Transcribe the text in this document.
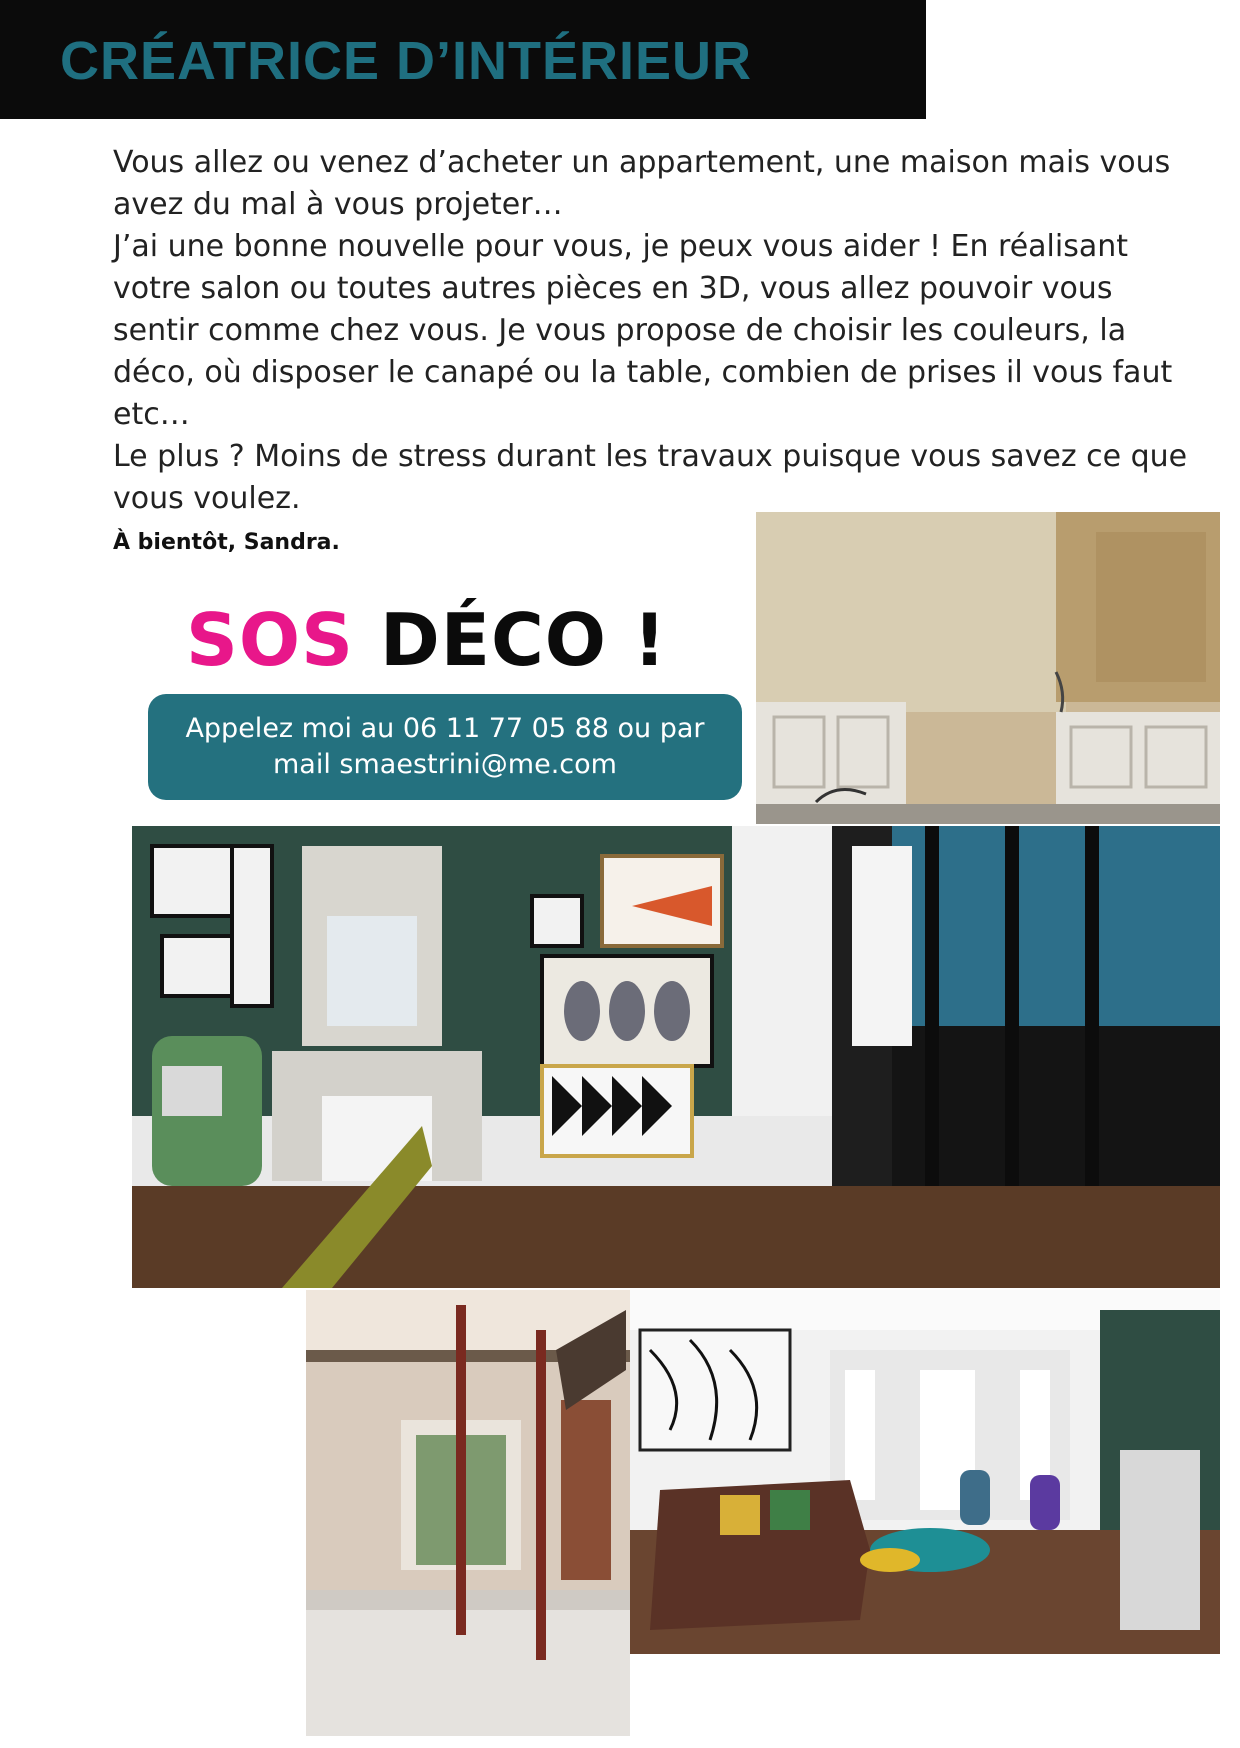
CRÉATRICE D’INTÉRIEUR

Vous allez ou venez d’acheter un appartement, une maison mais vous avez du mal à vous projeter…

J’ai une bonne nouvelle pour vous, je peux vous aider ! En réalisant votre salon ou toutes autres pièces en 3D, vous allez pouvoir vous sentir comme chez vous. Je vous propose de choisir les couleurs, la déco, où disposer le canapé ou la table, combien de prises il vous faut etc…

Le plus ? Moins de stress durant les travaux puisque vous savez ce que vous voulez.

À bientôt, Sandra.
SOS DÉCO !
Appelez moi au 06 11 77 05 88 ou par
mail smaestrini@me.com
